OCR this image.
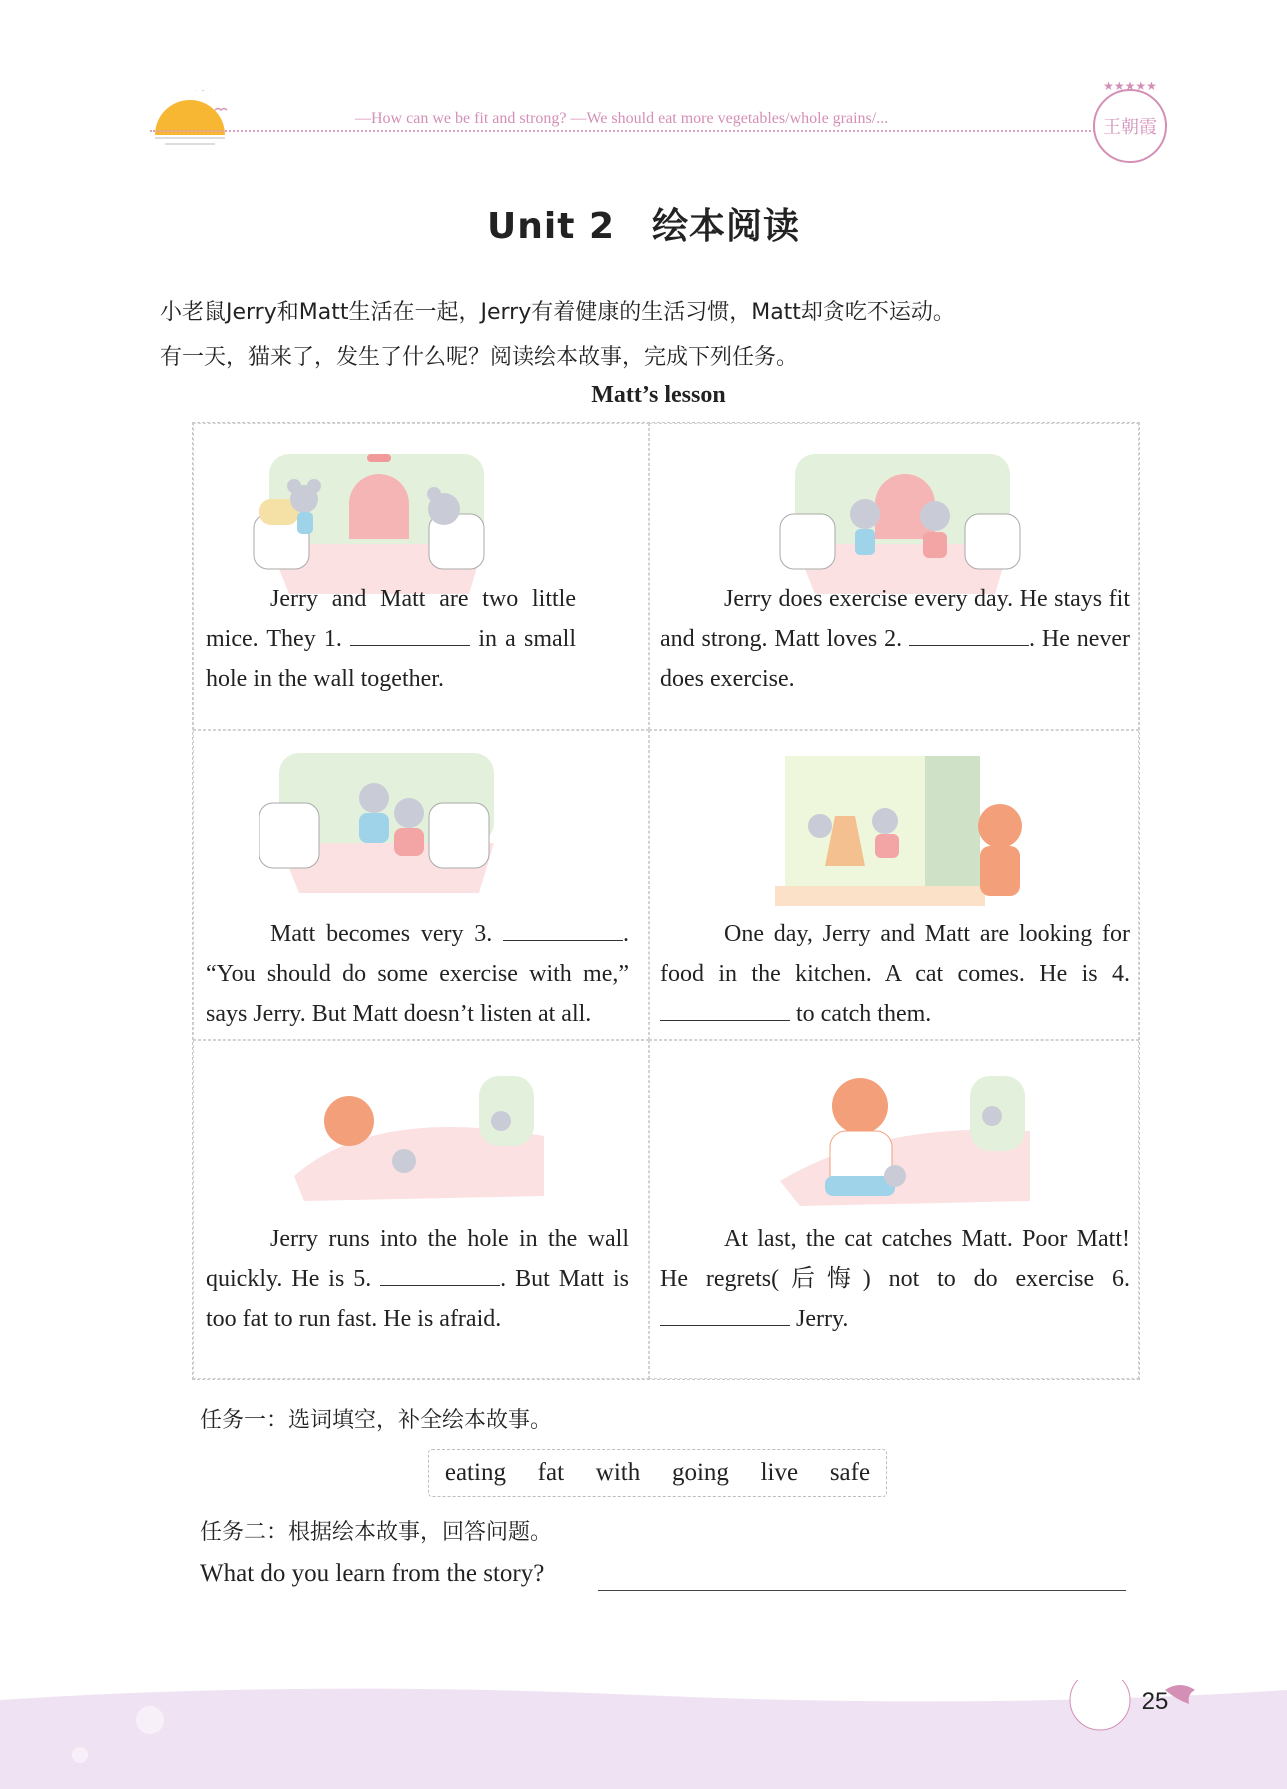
—How can we be fit and strong? —We should eat more vegetables/whole grains/...
★★★★★
王朝霞
Unit 2　绘本阅读
小老鼠Jerry和Matt生活在一起，Jerry有着健康的生活习惯，Matt却贪吃不运动。
有一天，猫来了，发生了什么呢？阅读绘本故事，完成下列任务。
Matt’s lesson
Jerry and Matt are two little mice. They 1.	in a small hole in the wall together.
Jerry does exercise every day. He stays fit and strong. Matt loves 2.	. He never does exercise.
Matt becomes very 3.	. “You should do some exercise with me,” says Jerry. But Matt doesn’t listen at all.
One day, Jerry and Matt are looking for food in the kitchen. A cat comes. He is 4.  to catch them.
Jerry runs into the hole in the wall quickly. He is 5.	. But Matt is too fat to run fast. He is afraid.
At last, the cat catches Matt. Poor Matt! He regrets(后悔) not to do exercise 6.  Jerry.
任务一：选词填空，补全绘本故事。
eating fat with going live safe
任务二：根据绘本故事，回答问题。
What do you learn from the story?
25
